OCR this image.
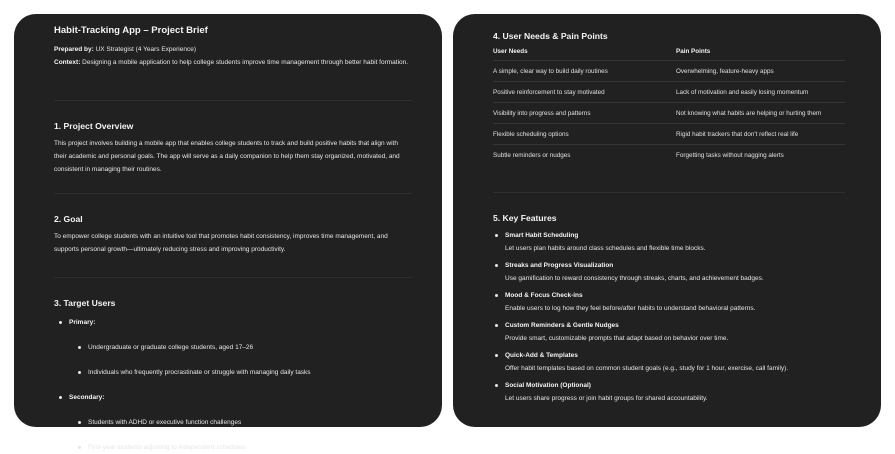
Habit-Tracking App – Project Brief

Prepared by: UX Strategist (4 Years Experience)

Context: Designing a mobile application to help college students improve time management through better habit formation.

1. Project Overview

This project involves building a mobile app that enables college students to track and build positive habits that align with their academic and personal goals. The app will serve as a daily companion to help them stay organized, motivated, and consistent in managing their routines.

2. Goal

To empower college students with an intuitive tool that promotes habit consistency, improves time management, and supports personal growth—ultimately reducing stress and improving productivity.

3. Target Users
Primary:
Undergraduate or graduate college students, aged 17–26
Individuals who frequently procrastinate or struggle with managing daily tasks
Secondary:
Students with ADHD or executive function challenges
First-year students adjusting to independent schedules
4. User Needs & Pain Points
User Needs	Pain Points
A simple, clear way to build daily routines	Overwhelming, feature-heavy apps
Positive reinforcement to stay motivated	Lack of motivation and easily losing momentum
Visibility into progress and patterns	Not knowing what habits are helping or hurting them
Flexible scheduling options	Rigid habit trackers that don't reflect real life
Subtle reminders or nudges	Forgetting tasks without nagging alerts
5. Key Features
Smart Habit Scheduling
Let users plan habits around class schedules and flexible time blocks.
Streaks and Progress Visualization
Use gamification to reward consistency through streaks, charts, and achievement badges.
Mood & Focus Check-ins
Enable users to log how they feel before/after habits to understand behavioral patterns.
Custom Reminders & Gentle Nudges
Provide smart, customizable prompts that adapt based on behavior over time.
Quick-Add & Templates
Offer habit templates based on common student goals (e.g., study for 1 hour, exercise, call family).
Social Motivation (Optional)
Let users share progress or join habit groups for shared accountability.
